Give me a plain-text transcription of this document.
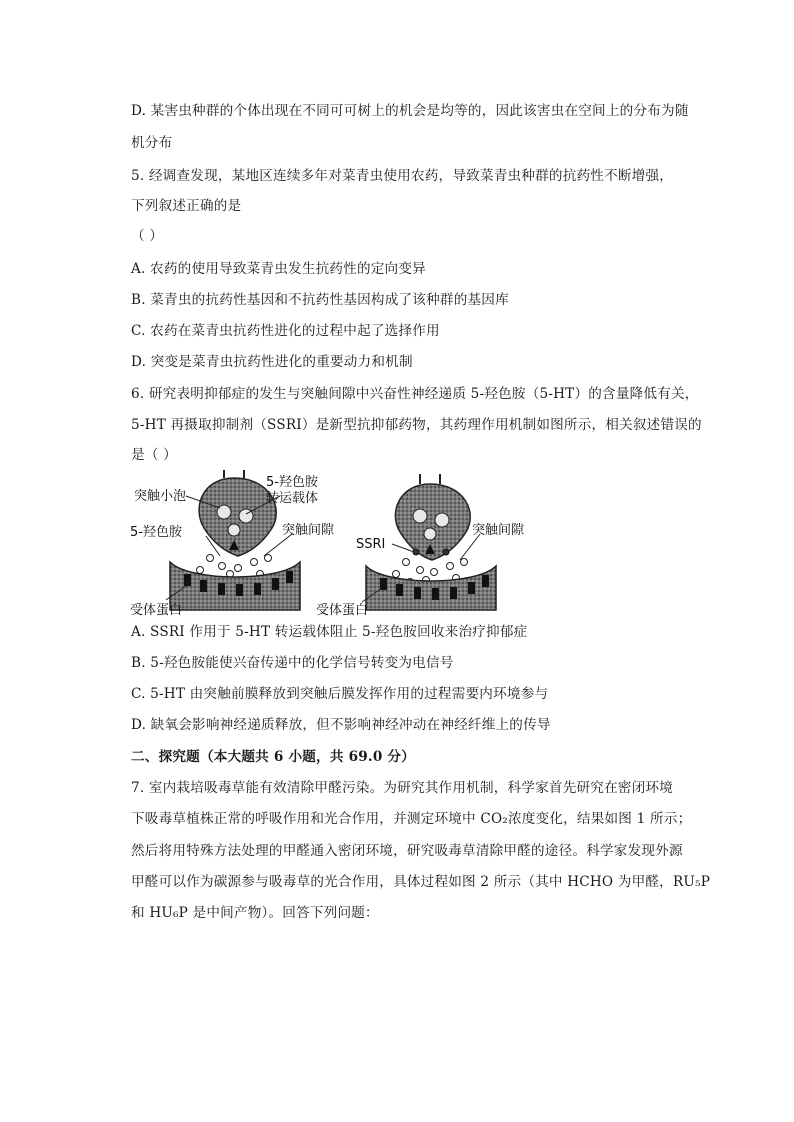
D. 某害虫种群的个体出现在不同可可树上的机会是均等的，因此该害虫在空间上的分布为随
机分布
5. 经调查发现，某地区连续多年对菜青虫使用农药，导致菜青虫种群的抗药性不断增强，
下列叙述正确的是
（ ）
A. 农药的使用导致菜青虫发生抗药性的定向变异
B. 菜青虫的抗药性基因和不抗药性基因构成了该种群的基因库
C. 农药在菜青虫抗药性进化的过程中起了选择作用
D. 突变是菜青虫抗药性进化的重要动力和机制
6. 研究表明抑郁症的发生与突触间隙中兴奋性神经递质 5-羟色胺（5-HT）的含量降低有关，
5-HT 再摄取抑制剂（SSRI）是新型抗抑郁药物，其药理作用机制如图所示，相关叙述错误的
是（ ）
突触小泡
5-羟色胺
转运载体
5-羟色胺	突触间隙
受体蛋白
SSRI
突触间隙
受体蛋白
A. SSRI 作用于 5-HT 转运载体阻止 5-羟色胺回收来治疗抑郁症
B. 5-羟色胺能使兴奋传递中的化学信号转变为电信号
C. 5-HT 由突触前膜释放到突触后膜发挥作用的过程需要内环境参与
D. 缺氧会影响神经递质释放，但不影响神经冲动在神经纤维上的传导
二、探究题（本大题共 6 小题，共 69.0 分）
7. 室内栽培吸毒草能有效清除甲醛污染。为研究其作用机制，科学家首先研究在密闭环境
下吸毒草植株正常的呼吸作用和光合作用，并测定环境中 CO₂浓度变化，结果如图 1 所示；
然后将用特殊方法处理的甲醛通入密闭环境，研究吸毒草清除甲醛的途径。科学家发现外源
甲醛可以作为碳源参与吸毒草的光合作用，具体过程如图 2 所示（其中 HCHO 为甲醛，RU₅P
和 HU₆P 是中间产物）。回答下列问题：
